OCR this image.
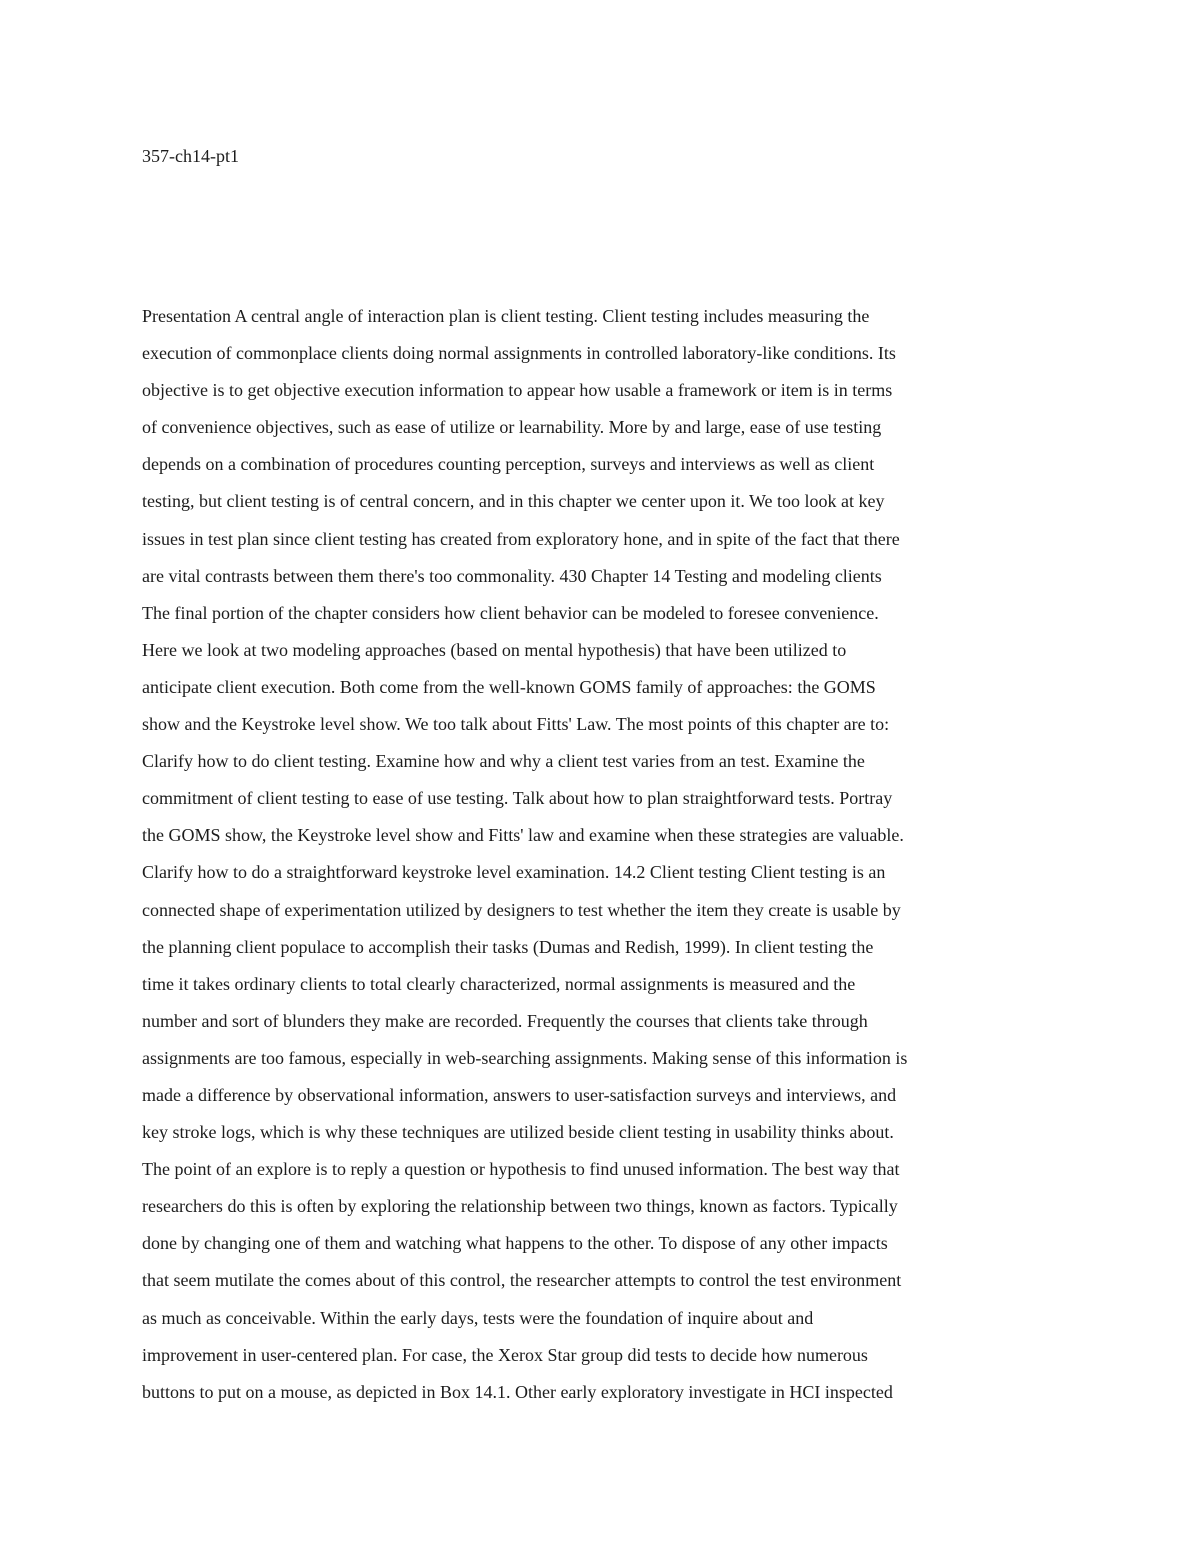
357-ch14-pt1
Presentation A central angle of interaction plan is client testing. Client testing includes measuring the
execution of commonplace clients doing normal assignments in controlled laboratory-like conditions. Its
objective is to get objective execution information to appear how usable a framework or item is in terms
of convenience objectives, such as ease of utilize or learnability. More by and large, ease of use testing
depends on a combination of procedures counting perception, surveys and interviews as well as client
testing, but client testing is of central concern, and in this chapter we center upon it. We too look at key
issues in test plan since client testing has created from exploratory hone, and in spite of the fact that there
are vital contrasts between them there's too commonality. 430 Chapter 14 Testing and modeling clients
The final portion of the chapter considers how client behavior can be modeled to foresee convenience.
Here we look at two modeling approaches (based on mental hypothesis) that have been utilized to
anticipate client execution. Both come from the well-known GOMS family of approaches: the GOMS
show and the Keystroke level show. We too talk about Fitts' Law. The most points of this chapter are to:
Clarify how to do client testing. Examine how and why a client test varies from an test. Examine the
commitment of client testing to ease of use testing. Talk about how to plan straightforward tests. Portray
the GOMS show, the Keystroke level show and Fitts' law and examine when these strategies are valuable.
Clarify how to do a straightforward keystroke level examination. 14.2 Client testing Client testing is an
connected shape of experimentation utilized by designers to test whether the item they create is usable by
the planning client populace to accomplish their tasks (Dumas and Redish, 1999). In client testing the
time it takes ordinary clients to total clearly characterized, normal assignments is measured and the
number and sort of blunders they make are recorded. Frequently the courses that clients take through
assignments are too famous, especially in web-searching assignments. Making sense of this information is
made a difference by observational information, answers to user-satisfaction surveys and interviews, and
key stroke logs, which is why these techniques are utilized beside client testing in usability thinks about.
The point of an explore is to reply a question or hypothesis to find unused information. The best way that
researchers do this is often by exploring the relationship between two things, known as factors. Typically
done by changing one of them and watching what happens to the other. To dispose of any other impacts
that seem mutilate the comes about of this control, the researcher attempts to control the test environment
as much as conceivable. Within the early days, tests were the foundation of inquire about and
improvement in user-centered plan. For case, the Xerox Star group did tests to decide how numerous
buttons to put on a mouse, as depicted in Box 14.1. Other early exploratory investigate in HCI inspected
